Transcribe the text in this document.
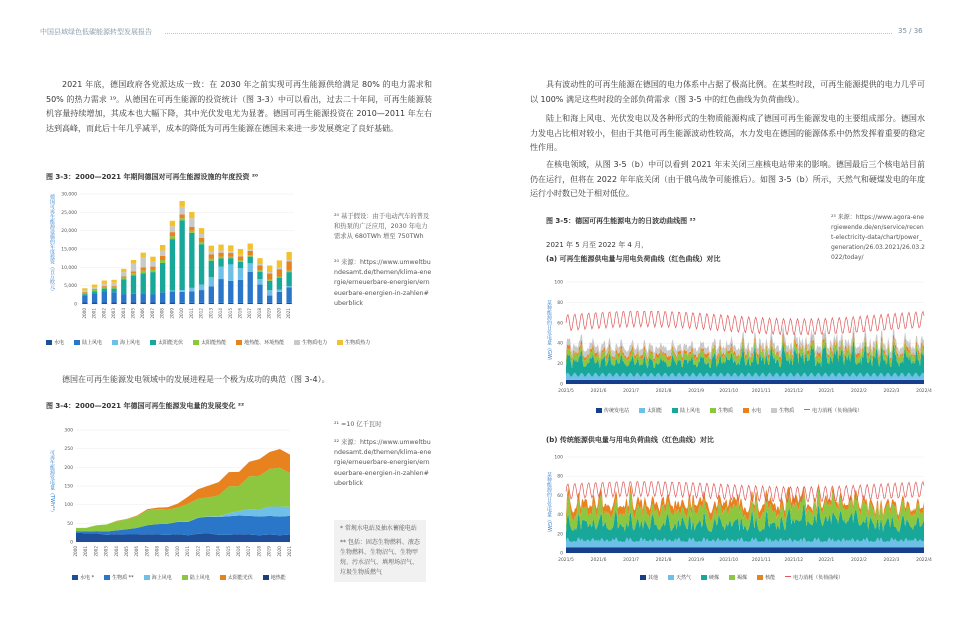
中国县域绿色低碳能源转型发展报告	35 / 36

2021 年底，德国政府各党派达成一致：在 2030 年之前实现可再生能源供给满足 80% 的电力需求和 50% 的热力需求 ¹⁹。从德国在可再生能源的投资统计（图 3-3）中可以看出，过去二十年间，可再生能源装机容量持续增加，其成本也大幅下降，其中光伏发电尤为显著。德国可再生能源投资在 2010—2011 年左右达到高峰，而此后十年几乎减半，成本的降低为可再生能源在德国未来进一步发展奠定了良好基础。

图 3-3：2000—2021 年期间德国对可再生能源设施的年度投资 ²⁰
德国可再生能源设施的年度投资（百万欧元）
0
5,000
10,000
15,000
20,000
25,000
30,000
2000 2001 2002 2003 2004 2005 2006 2007 2008 2009 2010 2011 2012 2013 2014 2015 2016 2017 2018 2019 2020 2021
²⁰ 基于假设：由于电动汽车的普及和热泵的广泛应用，2030 年电力需求从 680TWh 增至 750TWh
²⁰ 来源：https://www.umweltbundesamt.de/themen/klima-energie/erneuerbare-energien/erneuerbare-energien-in-zahlen#uberblick
水电	陆上风电	海上风电	太阳能光伏	太阳能热能	地热能、环境热能	生物质电力	生物质热力

德国在可再生能源发电领域中的发展进程是一个极为成功的典范（图 3-4）。

图 3-4：2000—2021 年德国可再生能源发电量的发展变化 ²²
可再生能源发电量（TWh²¹）
0
50
100
150
200
250
300
2000 2001 2002 2003 2004 2005 2006 2007 2008 2009 2010 2011 2012 2013 2014 2015 2016 2017 2018 2019 2020 2021
²¹ =10 亿千瓦时
²² 来源：https://www.umweltbundesamt.de/themen/klima-energie/erneuerbare-energien/erneuerbare-energien-in-zahlen#uberblick
* 常规水电站及抽水蓄能电站
** 包括：固态生物燃料、液态生物燃料、生物沼气、生物甲烷、污水沼气、填埋场沼气、垃圾生物质燃气
水电 *	生物质 **	海上风电	陆上风电	太阳能光伏	地热能

具有波动性的可再生能源在德国的电力体系中占据了极高比例。在某些时段，可再生能源提供的电力几乎可以 100% 满足这些时段的全部负荷需求（图 3-5 中的红色曲线为负荷曲线）。

陆上和海上风电、光伏发电以及各种形式的生物质能源构成了德国可再生能源发电的主要组成部分。德国水力发电占比相对较小，但由于其他可再生能源波动性较高，水力发电在德国的能源体系中仍然发挥着重要的稳定性作用。

在核电领域，从图 3-5（b）中可以看到 2021 年末关闭三座核电站带来的影响。德国最后三个核电站目前仍在运行，但将在 2022 年年底关闭（由于俄乌战争可能推后）。如图 3-5（b）所示，天然气和硬煤发电的年度运行小时数已处于相对低位。

图 3-5：德国可再生能源电力的日波动曲线图 ²³	²³ 来源：https://www.agora-energiewende.de/en/service/recent-electricity-data/chart/power_generation/26.03.2021/26.03.2022/today/
2021 年 5 月至 2022 年 4 月，
(a) 可再生能源供电量与用电负荷曲线（红色曲线）对比
某种能源的日发电量（GW）
0
20
40
60
80
100
2021/5	2021/6	2021/7	2021/8	2021/9	2021/10	2021/11	2021/12	2022/1	2022/2	2022/3	2022/4
传统发电站	太阳能	陆上风电	生物质	水电	生物质	电力消耗（负荷曲线）
(b) 传统能源供电量与用电负荷曲线（红色曲线）对比
某种能源的日发电量（GW）
0
20
40
60
80
100
2021/5	2021/6	2021/7	2021/8	2021/9	2021/10	2021/11	2021/12	2022/1	2022/2	2022/3	2022/4
其他	天然气	硬煤	褐煤	核能	电力消耗（负荷曲线）
